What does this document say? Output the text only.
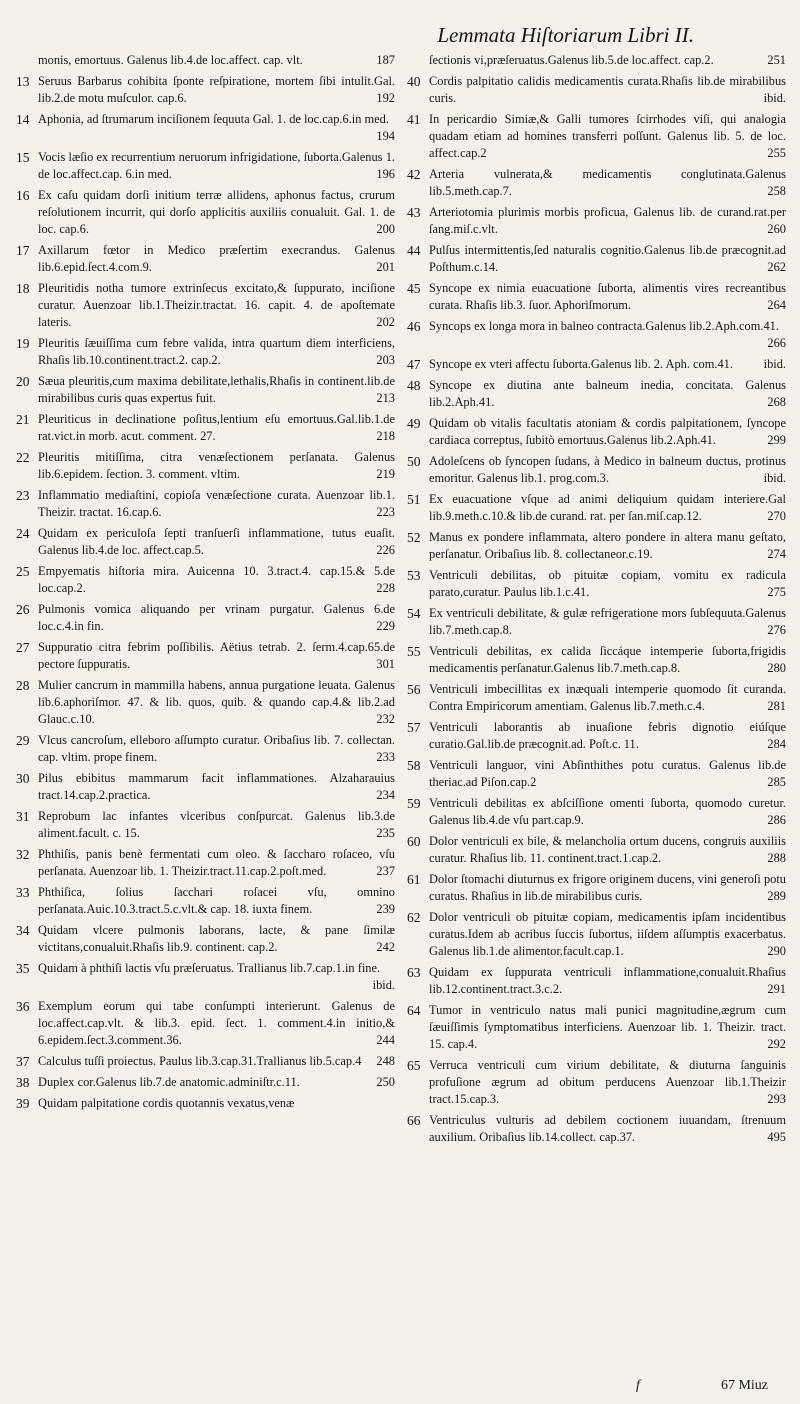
Lemmata Hiſtoriarum Libri II.
monis, emortuus. Galenus lib.4.de loc.affect. cap. vlt.	187
13 Seruus Barbarus cohibita ſponte reſpiratione, mortem ſibi intulit.Gal. lib.2.de motu muſculor. cap.6.	192
14 Aphonia, ad ſtrumarum inciſionem ſequuta Gal. 1. de loc.cap.6.in med.
194
15 Vocis læſio ex recurrentium neruorum infrigidatione, ſuborta.Galenus 1. de loc.affect.cap. 6.in med.	196
16 Ex caſu quidam dorſi initium terræ allidens, aphonus factus, crurum reſolutionem incurrit, qui dorſo applicitis auxiliis conualuit. Gal. 1. de loc. cap.6.	200
17 Axillarum fœtor in Medico præſertim execrandus. Galenus lib.6.epid.ſect.4.com.9.	201
18 Pleuritidis notha tumore extrinſecus excitato,& ſuppurato, inciſione curatur. Auenzoar lib.1.Theizir.tractat. 16. capit. 4. de apoſtemate lateris.	202
19 Pleuritis ſæuiſſima cum febre valida, intra quartum diem interficiens, Rhaſis lib.10.continent.tract.2. cap.2.	203
20 Sæua pleuritis,cum maxima debilitate,lethalis,Rhaſis in continent.lib.de mirabilibus curis quas expertus fuit.	213
21 Pleuriticus in declinatione poſitus,lentium eſu emortuus.Gal.lib.1.de rat.vict.in morb. acut. comment. 27.	218
22 Pleuritis mitiſſima, citra venæſectionem perſanata. Galenus lib.6.epidem. ſection. 3. comment. vltim.	219
23 Inflammatio mediaſtini, copioſa venæſectione curata. Auenzoar lib.1. Theizir. tractat. 16.cap.6.	223
24 Quidam ex periculoſa ſepti tranſuerſi inflammatione, tutus euaſit. Galenus lib.4.de loc. affect.cap.5.	226
25 Empyematis hiſtoria mira. Auicenna 10. 3.tract.4. cap.15.& 5.de loc.cap.2.	228
26 Pulmonis vomica aliquando per vrinam purgatur. Galenus 6.de loc.c.4.in fin.	229
27 Suppuratio citra febrim poſſibilis. Aëtius tetrab. 2. ſerm.4.cap.65.de pectore ſuppuratis.	301
28 Mulier cancrum in mammilla habens, annua purgatione leuata. Galenus lib.6.aphoriſmor. 47. & lib. quos, quib. & quando cap.4.& lib.2.ad Glauc.c.10.	232
29 Vlcus cancroſum, elleboro aſſumpto curatur. Oribaſius lib. 7. collectan. cap. vltim. prope finem.	233
30 Pilus ebibitus mammarum facit inflammationes. Alzaharauius tract.14.cap.2.practica.	234
31 Reprobum lac infantes vlceribus conſpurcat. Galenus lib.3.de aliment.facult. c. 15.	235
32 Phthiſis, panis benè fermentati cum oleo. & ſaccharo roſaceo, vſu perſanata. Auenzoar lib. 1. Theizir.tract.11.cap.2.poſt.med.	237
33 Phthiſica, ſolius ſacchari roſacei vſu, omnino perſanata.Auic.10.3.tract.5.c.vlt.& cap. 18. iuxta finem.	239
34 Quidam vlcere pulmonis laborans, lacte, & pane ſimilæ victitans,conualuit.Rhaſis lib.9. continent. cap.2.	242
35 Quidam à phthiſi lactis vſu præſeruatus. Trallianus lib.7.cap.1.in fine.
ibid.
36 Exemplum eorum qui tabe conſumpti interierunt. Galenus de loc.affect.cap.vlt. & lib.3. epid. ſect. 1. comment.4.in initio,& 6.epidem.ſect.3.comment.36.	244
37 Calculus tuſſi proiectus. Paulus lib.3.cap.31.Trallianus lib.5.cap.4	248
38 Duplex cor.Galenus lib.7.de anatomic.adminiſtr.c.11.	250
39 Quidam palpitatione cordis quotannis vexatus,venæ
ſectionis vi,præſeruatus.Galenus lib.5.de loc.affect. cap.2.	251
40 Cordis palpitatio calidis medicamentis curata.Rhaſis lib.de mirabilibus curis.	ibid.
41 In pericardio Simiæ,& Galli tumores ſcirrhodes viſi, qui analogia quadam etiam ad homines transferri poſſunt. Galenus lib. 5. de loc. affect.cap.2	255
42 Arteria vulnerata,& medicamentis conglutinata.Galenus lib.5.meth.cap.7.	258
43 Arteriotomia plurimis morbis proficua, Galenus lib. de curand.rat.per ſang.miſ.c.vlt.	260
44 Pulſus intermittentis,ſed naturalis cognitio.Galenus lib.de præcognit.ad Poſthum.c.14.	262
45 Syncope ex nimia euacuatione ſuborta, alimentis vires recreantibus curata. Rhaſis lib.3. ſuor. Aphoriſmorum.	264
46 Syncops ex longa mora in balneo contracta.Galenus lib.2.Aph.com.41.
266
47 Syncope ex vteri affectu ſuborta.Galenus lib. 2. Aph. com.41.	ibid.
48 Syncope ex diutina ante balneum inedia, concitata. Galenus lib.2.Aph.41.	268
49 Quidam ob vitalis facultatis atoniam & cordis palpitationem, ſyncope cardiaca correptus, ſubitò emortuus.Galenus lib.2.Aph.41.	299
50 Adoleſcens ob ſyncopen ſudans, à Medico in balneum ductus, protinus emoritur. Galenus lib.1. prog.com.3.	ibid.
51 Ex euacuatione vſque ad animi deliquium quidam interiere.Gal lib.9.meth.c.10.& lib.de curand. rat. per ſan.miſ.cap.12.	270
52 Manus ex pondere inflammata, altero pondere in altera manu geſtato, perſanatur. Oribaſius lib. 8. collectaneor.c.19.	274
53 Ventriculi debilitas, ob pituitæ copiam, vomitu ex radicula parato,curatur. Paulus lib.1.c.41.	275
54 Ex ventriculi debilitate, & gulæ refrigeratione mors ſubſequuta.Galenus lib.7.meth.cap.8.	276
55 Ventriculi debilitas, ex calida ſiccáque intemperie ſuborta,frigidis medicamentis perſanatur.Galenus lib.7.meth.cap.8.	280
56 Ventriculi imbecillitas ex inæquali intemperie quomodo ſit curanda. Contra Empiricorum amentiam. Galenus lib.7.meth.c.4.	281
57 Ventriculi laborantis ab inuaſione febris dignotio eiúſque curatio.Gal.lib.de præcognit.ad. Poſt.c. 11.	284
58 Ventriculi languor, vini Abſinthithes potu curatus. Galenus lib.de theriac.ad Piſon.cap.2	285
59 Ventriculi debilitas ex abſciſſione omenti ſuborta, quomodo curetur. Galenus lib.4.de vſu part.cap.9.	286
60 Dolor ventriculi ex bile, & melancholia ortum ducens, congruis auxiliis curatur. Rhaſius lib. 11. continent.tract.1.cap.2.	288
61 Dolor ſtomachi diuturnus ex frigore originem ducens, vini generoſi potu curatus. Rhaſius in lib.de mirabilibus curis.	289
62 Dolor ventriculi ob pituitæ copiam, medicamentis ipſam incidentibus curatus.Idem ab acribus ſuccis ſubortus, iiſdem aſſumptis exacerbatus. Galenus lib.1.de alimentor.facult.cap.1.	290
63 Quidam ex ſuppurata ventriculi inflammatione,conualuit.Rhaſius lib.12.continent.tract.3.c.2.	291
64 Tumor in ventriculo natus mali punici magnitudine,ægrum cum ſæuiſſimis ſymptomatibus interficiens. Auenzoar lib. 1. Theizir. tract. 15. cap.4.	292
65 Verruca ventriculi cum virium debilitate, & diuturna ſanguinis profuſione ægrum ad obitum perducens Auenzoar lib.1.Theizir tract.15.cap.3.	293
66 Ventriculus vulturis ad debilem coctionem iuuandam, ſtrenuum auxilium. Oribaſius lib.14.collect. cap.37.	495
f	67 Miuz
